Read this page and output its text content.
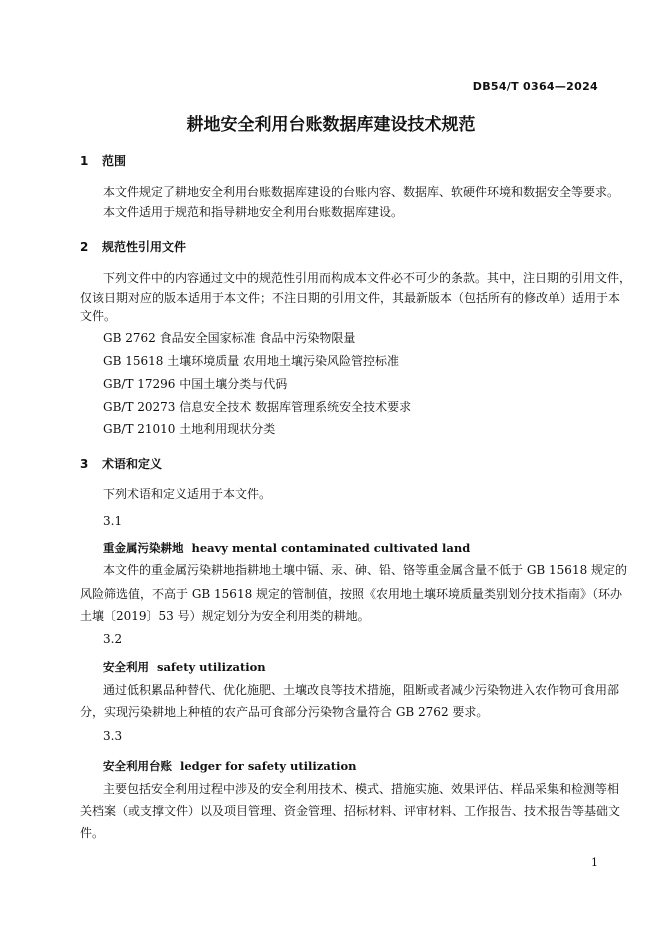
DB54/T 0364—2024
耕地安全利用台账数据库建设技术规范
1 范围
本文件规定了耕地安全利用台账数据库建设的台账内容、数据库、软硬件环境和数据安全等要求。
本文件适用于规范和指导耕地安全利用台账数据库建设。
2 规范性引用文件
下列文件中的内容通过文中的规范性引用而构成本文件必不可少的条款。其中，注日期的引用文件，
仅该日期对应的版本适用于本文件；不注日期的引用文件，其最新版本（包括所有的修改单）适用于本
文件。
GB 2762 食品安全国家标准 食品中污染物限量
GB 15618 土壤环境质量 农用地土壤污染风险管控标准
GB/T 17296 中国土壤分类与代码
GB/T 20273 信息安全技术 数据库管理系统安全技术要求
GB/T 21010 土地利用现状分类
3 术语和定义
下列术语和定义适用于本文件。
3.1
重金属污染耕地 heavy mental contaminated cultivated land
本文件的重金属污染耕地指耕地土壤中镉、汞、砷、铅、铬等重金属含量不低于 GB 15618 规定的
风险筛选值，不高于 GB 15618 规定的管制值，按照《农用地土壤环境质量类别划分技术指南》（环办
土壤〔2019〕53 号）规定划分为安全利用类的耕地。
3.2
安全利用 safety utilization
通过低积累品种替代、优化施肥、土壤改良等技术措施，阻断或者减少污染物进入农作物可食用部
分，实现污染耕地上种植的农产品可食部分污染物含量符合 GB 2762 要求。
3.3
安全利用台账 ledger for safety utilization
主要包括安全利用过程中涉及的安全利用技术、模式、措施实施、效果评估、样品采集和检测等相
关档案（或支撑文件）以及项目管理、资金管理、招标材料、评审材料、工作报告、技术报告等基础文
件。
1
